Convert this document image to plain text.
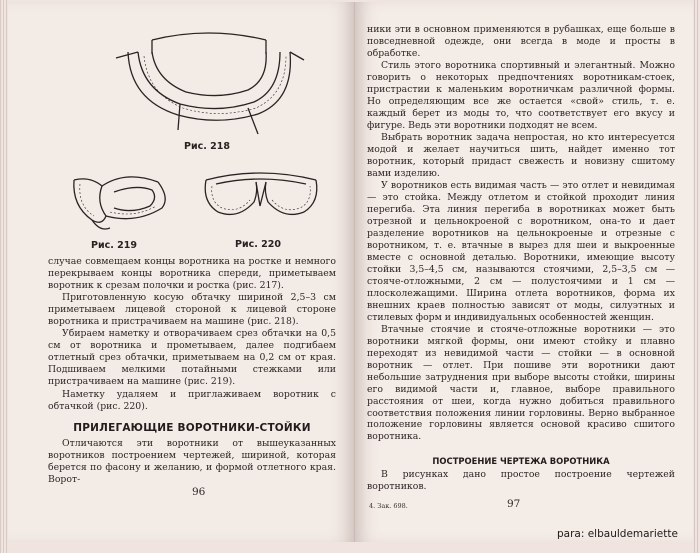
Рис. 218
Рис. 219	Рис. 220

случае совмещаем концы воротника на ростке и немного перекрываем концы воротника спереди, приметываем воротник к срезам полочки и ростка (рис. 217).

Приготовленную косую обтачку шириной 2,5–3 см приметываем лицевой стороной к лицевой стороне воротника и пристрачиваем на машине (рис. 218).

Убираем наметку и отворачиваем срез обтачки на 0,5 см от воротника и прометываем, далее подгибаем отлетный срез обтачки, приметываем на 0,2 см от края. Подшиваем мелкими потайными стежками или пристрачиваем на машине (рис. 219).

Наметку удаляем и приглаживаем воротник с обтачкой (рис. 220).

ПРИЛЕГАЮЩИЕ ВОРОТНИКИ-СТОЙКИ

Отличаются эти воротники от вышеуказанных воротников построением чертежей, шириной, которая берется по фасону и желанию, и формой отлетного края. Ворот-

96

ники эти в основном применяются в рубашках, еще больше в повседневной одежде, они всегда в моде и просты в обработке.

Стиль этого воротника спортивный и элегантный. Можно говорить о некоторых предпочтениях воротникам-стоек, пристрастии к маленьким воротничкам различной формы. Но определяющим все же остается «свой» стиль, т. е. каждый берет из моды то, что соответствует его вкусу и фигуре. Ведь эти воротники подходят не всем.

Выбрать воротник задача непростая, но кто интересуется модой и желает научиться шить, найдет именно тот воротник, который придаст свежесть и новизну сшитому вами изделию.

У воротников есть видимая часть — это отлет и невидимая — это стойка. Между отлетом и стойкой проходит линия перегиба. Эта линия перегиба в воротниках может быть отрезной и цельнокроеной с воротником, она-то и дает разделение воротников на цельнокроеные и отрезные с воротником, т. е. втачные в вырез для шеи и выкроенные вместе с основной деталью. Воротники, имеющие высоту стойки 3,5–4,5 см, называются стоячими, 2,5–3,5 см — стояче-отложными, 2 см — полустоячими и 1 см — плосколежащими. Ширина отлета воротников, форма их внешних краев полностью зависят от моды, силуэтных и стилевых форм и индивидуальных особенностей женщин.

Втачные стоячие и стояче-отложные воротники — это воротники мягкой формы, они имеют стойку и плавно переходят из невидимой части — стойки — в основной воротник — отлет. При пошиве эти воротники дают небольшие затруднения при выборе высоты стойки, ширины его видимой части и, главное, выборе правильного расстояния от шеи, когда нужно добиться правильного соответствия положения линии горловины. Верно выбранное положение горловины является основой красиво сшитого воротника.

ПОСТРОЕНИЕ ЧЕРТЕЖА ВОРОТНИКА

В рисунках дано простое построение чертежей воротников.

4. Зак. 698.	97
para: elbauldemariette
